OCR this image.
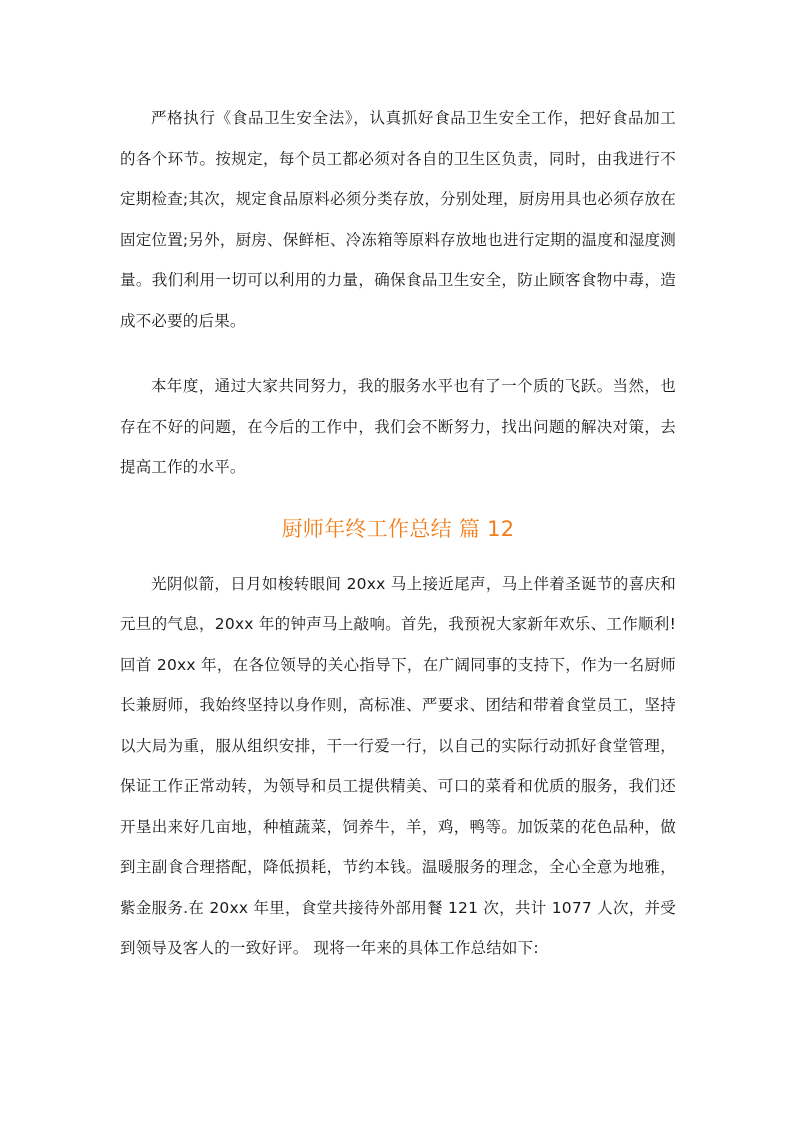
严格执行《食品卫生安全法》，认真抓好食品卫生安全工作，把好食品加工的各个环节。按规定，每个员工都必须对各自的卫生区负责，同时，由我进行不定期检查;其次，规定食品原料必须分类存放，分别处理，厨房用具也必须存放在固定位置;另外，厨房、保鲜柜、冷冻箱等原料存放地也进行定期的温度和湿度测量。我们利用一切可以利用的力量，确保食品卫生安全，防止顾客食物中毒，造成不必要的后果。

本年度，通过大家共同努力，我的服务水平也有了一个质的飞跃。当然，也存在不好的问题，在今后的工作中，我们会不断努力，找出问题的解决对策，去提高工作的水平。

厨师年终工作总结 篇 12

光阴似箭，日月如梭转眼间 20xx 马上接近尾声，马上伴着圣诞节的喜庆和元旦的气息，20xx 年的钟声马上敲响。首先，我预祝大家新年欢乐、工作顺利!回首 20xx 年，在各位领导的关心指导下，在广阔同事的支持下，作为一名厨师长兼厨师，我始终坚持以身作则，高标准、严要求、团结和带着食堂员工，坚持以大局为重，服从组织安排，干一行爱一行，以自己的实际行动抓好食堂管理，保证工作正常动转，为领导和员工提供精美、可口的菜肴和优质的服务，我们还开垦出来好几亩地，种植蔬菜，饲养牛，羊，鸡，鸭等。加饭菜的花色品种，做到主副食合理搭配，降低损耗，节约本钱。温暖服务的理念，全心全意为地雅，紫金服务.在 20xx 年里，食堂共接待外部用餐 121 次，共计 1077 人次，并受到领导及客人的一致好评。 现将一年来的具体工作总结如下:
